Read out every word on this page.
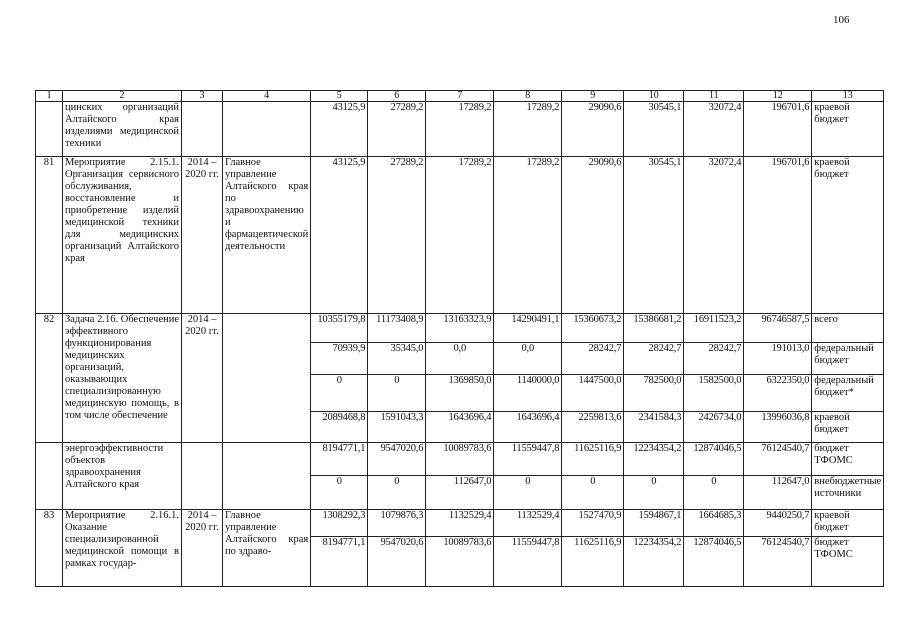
106
1	2	3	4	5	6	7	8	9	10	11	12	13
	цинских организаций Алтайского края изделиями медицинской техники			43125,9	27289,2	17289,2	17289,2	29090,6	30545,1	32072,4	196701,6	краевой бюджет
81	Мероприятие 2.15.1. Организация сервисного обслуживания, восстановление и приобретение изделий медицинской техники для медицинских организаций Алтайского края	2014 – 2020 гг.	Главное управление Алтайского края по здравоохранению и фармацевтической деятельности	43125,9	27289,2	17289,2	17289,2	29090,6	30545,1	32072,4	196701,6	краевой бюджет
82	Задача 2.16. Обеспечение эффективного функционирования медицинских организаций, оказывающих специализированную медицинскую помощь, в том числе обеспечение	2014 – 2020 гг.		10355179,8	11173408,9	13163323,9	14290491,1	15360673,2	15386681,2	16911523,2	96746587,5	всего
				70939,9	35345,0	0,0	0,0	28242,7	28242,7	28242,7	191013,0	федеральный бюджет
				0	0	1369850,0	1140000,0	1447500,0	782500,0	1582500,0	6322350,0	федеральный бюджет*
				2089468,8	1591043,3	1643696,4	1643696,4	2259813,6	2341584,3	2426734,0	13996036,8	краевой бюджет
	энергоэффективности объектов здравоохранения Алтайского края			8194771,1	9547020,6	10089783,6	11559447,8	11625116,9	12234354,2	12874046,5	76124540,7	бюджет ТФОМС
				0	0	112647,0	0	0	0	0	112647,0	внебюджетные источники
83	Мероприятие 2.16.1. Оказание специализированной медицинской помощи в рамках государ-	2014 – 2020 гг.	Главное управление Алтайского края по здраво-	1308292,3	1079876,3	1132529,4	1132529,4	1527470,9	1594867,1	1664685,3	9440250,7	краевой бюджет
				8194771,1	9547020,6	10089783,6	11559447,8	11625116,9	12234354,2	12874046,5	76124540,7	бюджет ТФОМС
